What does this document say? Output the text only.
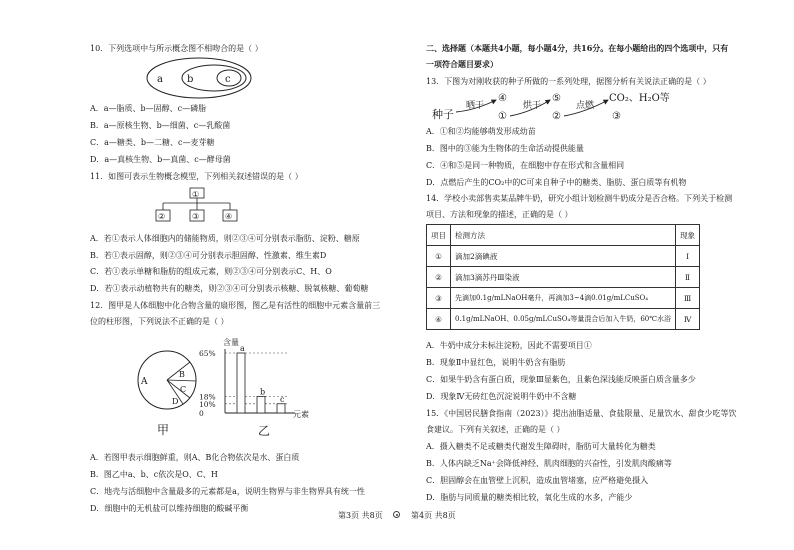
10．下列选项中与所示概念图不相吻合的是（ ）
a b	c
A．a—脂质、b—固醇、c—磷脂
B．a—原核生物、b—细菌、c—乳酸菌
C．a—糖类、b—二糖、c—麦芽糖
D．a—真核生物、b—真菌、c—酵母菌
11．如图可表示生物概念模型，下列相关叙述错误的是（ ）
①
②	③	④
A．若①表示人体细胞内的储能物质，则②③④可分别表示脂肪、淀粉、糖原
B．若①表示固醇，则②③④可分别表示胆固醇、性激素、维生素D
C．若①表示单糖和脂肪的组成元素，则②③④可分别表示C、H、O
D．若①表示动植物共有的糖类，则②③④可分别表示核糖、脱氧核糖、葡萄糖
12．图甲是人体细胞中化合物含量的扇形图，图乙是有活性的细胞中元素含量前三
位的柱形图，下列说法不正确的是（ ）
A
B
C
D
甲
含量
元素
乙
65%
18%
10%
0
a
b
c
A．若图甲表示细胞鲜重，则A、B化合物依次是水、蛋白质
B．图乙中a、b、c依次是O、C、H
C．地壳与活细胞中含量最多的元素都是a，说明生物界与非生物界具有统一性
D．细胞中的无机盐可以维持细胞的酸碱平衡
二、选择题（本题共4小题，每小题4分，共16分。在每小题给出的四个选项中，只有
一项符合题目要求）
13．下图为对刚收获的种子所做的一系列处理，据图分析有关说法正确的是（ ）
种子
晒干
④
①
烘干
⑤
②
点燃
CO₂、H₂O等
③
A．①和②均能够萌发形成幼苗
B．图中的③能为生物体的生命活动提供能量
C．④和⑤是同一种物质，在细胞中存在形式和含量相同
D．点燃后产生的CO₂中的C可来自种子中的糖类、脂肪、蛋白质等有机物
14．学校小卖部售卖某品牌牛奶，研究小组计划检测牛奶成分是否合格。下列关于检测
项目、方法和现象的描述，正确的是（ ）
项目	检测方法	现象
①	滴加2滴碘液	Ⅰ
②	滴加3滴苏丹Ⅲ染液	Ⅱ
③	先滴加0.1g/mLNaOH毫升，再滴加3~4滴0.01g/mLCuSO₄	Ⅲ
④	0.1g/mLNaOH、0.05g/mLCuSO₄等量混合后加入牛奶，60℃水浴	Ⅳ
A．牛奶中成分未标注淀粉，因此不需要项目①
B．现象Ⅱ中显红色，说明牛奶含有脂肪
C．如果牛奶含有蛋白质，现象Ⅲ显紫色，且紫色深浅能反映蛋白质含量多少
D．现象Ⅳ无砖红色沉淀说明牛奶中不含糖
15．《中国居民膳食指南（2023）》提出油脂适量、食盐限量、足量饮水、甜食少吃等饮
食建议。下列有关叙述，正确的是（ ）
A．摄入糖类不足或糖类代谢发生障碍时，脂肪可大量转化为糖类
B．人体内缺乏Na⁺会降低神经、肌肉细胞的兴奋性，引发肌肉酸痛等
C．胆固醇会在血管壁上沉积，造成血管堵塞，应严格避免摄入
D．脂肪与同质量的糖类相比较，氧化生成的水多，产能少
第3页 共8页	第4页 共8页
